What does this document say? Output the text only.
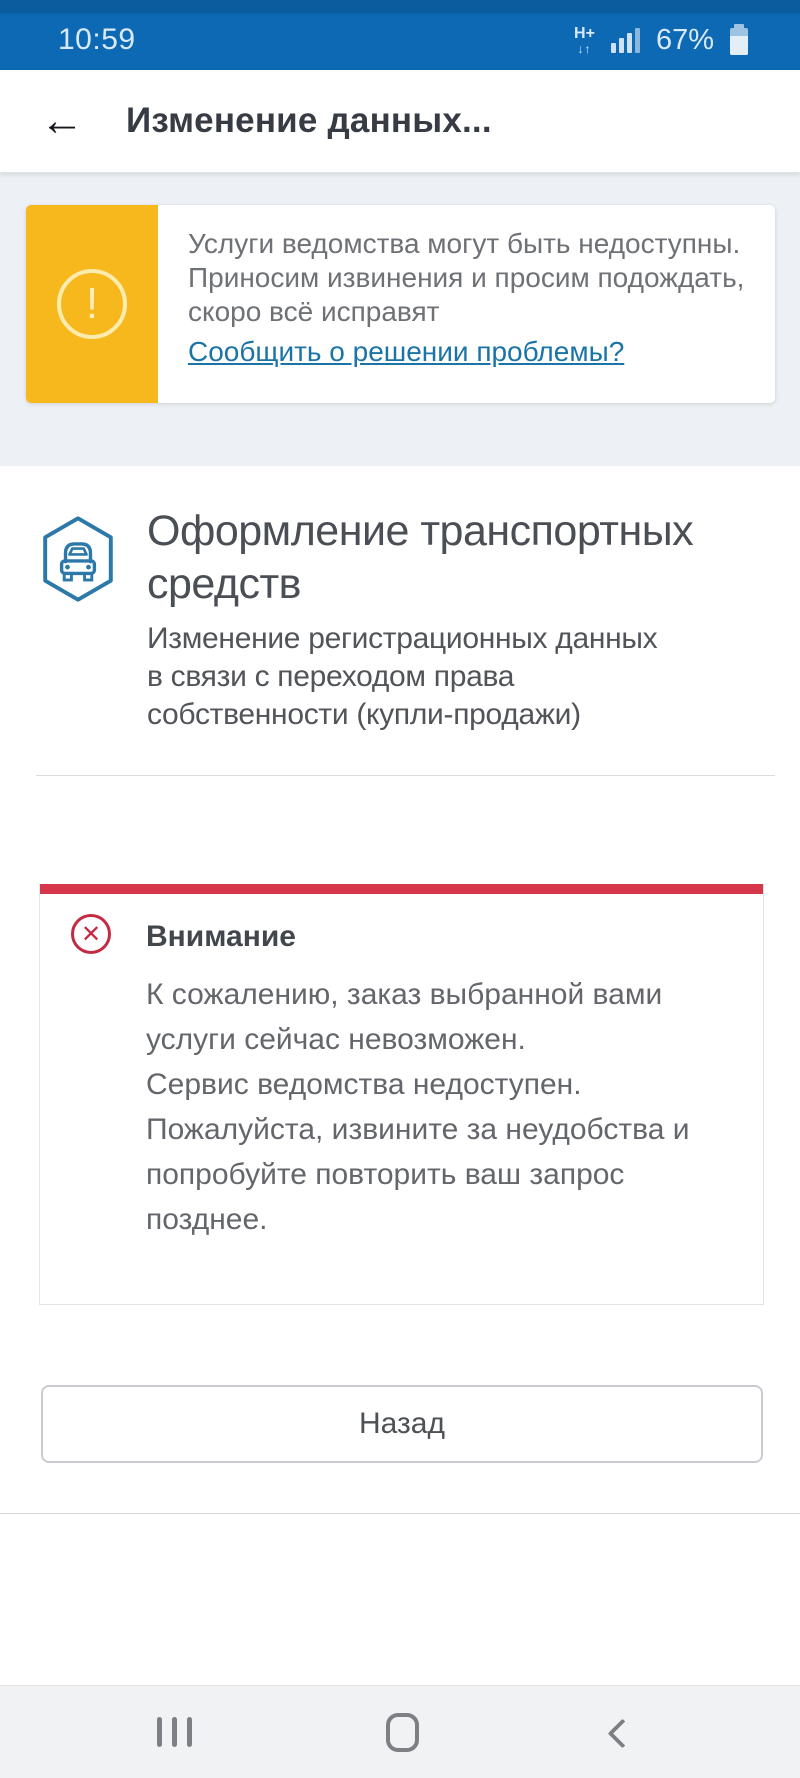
10:59	H+
↓↑ 67%
←	Изменение данных...
!
Услуги ведомства могут быть недоступны. Приносим извинения и просим подождать, скоро всё исправят
Сообщить о решении проблемы?
Оформление транспортных средств
Изменение регистрационных данных в связи с переходом права собственности (купли-продажи)
✕	Внимание

К сожалению, заказ выбранной вами услуги сейчас невозможен.

Сервис ведомства недоступен.

Пожалуйста, извините за неудобства и попробуйте повторить ваш запрос позднее.

Назад
